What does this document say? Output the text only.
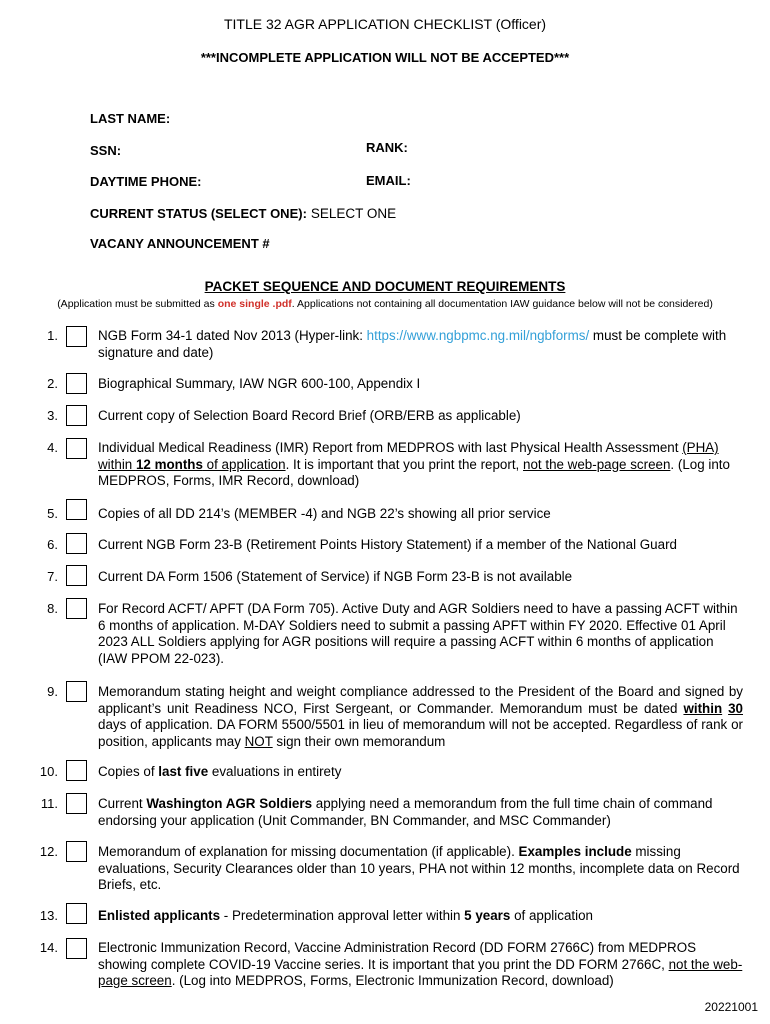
TITLE 32 AGR APPLICATION CHECKLIST (Officer)
***INCOMPLETE APPLICATION WILL NOT BE ACCEPTED***
LAST NAME:
SSN:	RANK:
DAYTIME PHONE:	EMAIL:
CURRENT STATUS (SELECT ONE): SELECT ONE
VACANY ANNOUNCEMENT #
PACKET SEQUENCE AND DOCUMENT REQUIREMENTS
(Application must be submitted as one single .pdf. Applications not containing all documentation IAW guidance below will not be considered)
1.	NGB Form 34-1 dated Nov 2013 (Hyper-link: https://www.ngbpmc.ng.mil/ngbforms/ must be complete with signature and date)
2.	Biographical Summary, IAW NGR 600-100, Appendix I
3.	Current copy of Selection Board Record Brief (ORB/ERB as applicable)
4.	Individual Medical Readiness (IMR) Report from MEDPROS with last Physical Health Assessment (PHA) within 12 months of application. It is important that you print the report, not the web-page screen. (Log into MEDPROS, Forms, IMR Record, download)
5.	Copies of all DD 214’s (MEMBER -4) and NGB 22’s showing all prior service
6.	Current NGB Form 23-B (Retirement Points History Statement) if a member of the National Guard
7.	Current DA Form 1506 (Statement of Service) if NGB Form 23-B is not available
8.	For Record ACFT/ APFT (DA Form 705). Active Duty and AGR Soldiers need to have a passing ACFT within 6 months of application. M-DAY Soldiers need to submit a passing APFT within FY 2020. Effective 01 April 2023 ALL Soldiers applying for AGR positions will require a passing ACFT within 6 months of application (IAW PPOM 22-023).
9.	Memorandum stating height and weight compliance addressed to the President of the Board and signed by applicant’s unit Readiness NCO, First Sergeant, or Commander. Memorandum must be dated within 30 days of application. DA FORM 5500/5501 in lieu of memorandum will not be accepted. Regardless of rank or position, applicants may NOT sign their own memorandum
10.	Copies of last five evaluations in entirety
11.	Current Washington AGR Soldiers applying need a memorandum from the full time chain of command endorsing your application (Unit Commander, BN Commander, and MSC Commander)
12.	Memorandum of explanation for missing documentation (if applicable). Examples include missing evaluations, Security Clearances older than 10 years, PHA not within 12 months, incomplete data on Record Briefs, etc.
13.	Enlisted applicants - Predetermination approval letter within 5 years of application
14.	Electronic Immunization Record, Vaccine Administration Record (DD FORM 2766C) from MEDPROS showing complete COVID-19 Vaccine series. It is important that you print the DD FORM 2766C, not the web-page screen. (Log into MEDPROS, Forms, Electronic Immunization Record, download)
20221001
